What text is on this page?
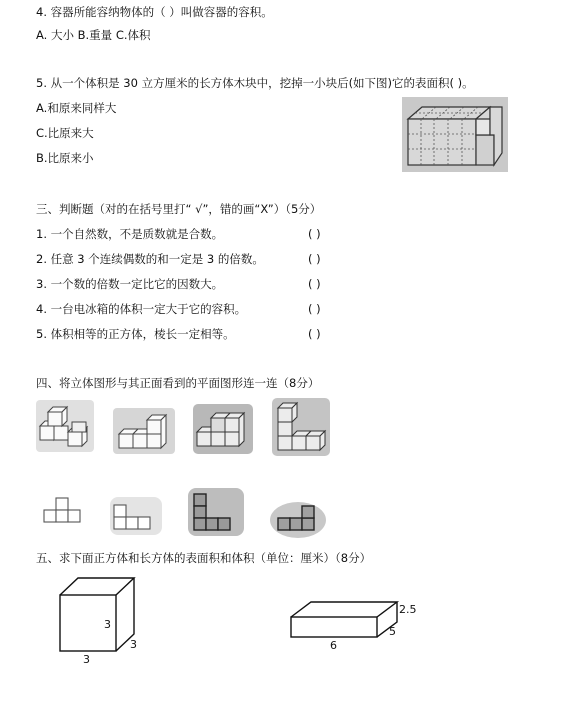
4. 容器所能容纳物体的（ ）叫做容器的容积。
A. 大小 B.重量 C.体积
5. 从一个体积是 30 立方厘米的长方体木块中，挖掉一小块后(如下图)它的表面积( )。
A.和原来同样大
C.比原来大
B.比原来小
三、判断题（对的在括号里打“ √”，错的画“X”）（5分）
1. 一个自然数，不是质数就是合数。	( )
2. 任意 3 个连续偶数的和一定是 3 的倍数。	( )
3. 一个数的倍数一定比它的因数大。	( )
4. 一台电冰箱的体积一定大于它的容积。	( )
5. 体积相等的正方体，棱长一定相等。	( )
四、将立体图形与其正面看到的平面图形连一连（8分）
五、求下面正方体和长方体的表面积和体积（单位：厘米）（8分）
3
3
3
2.5
5
6
